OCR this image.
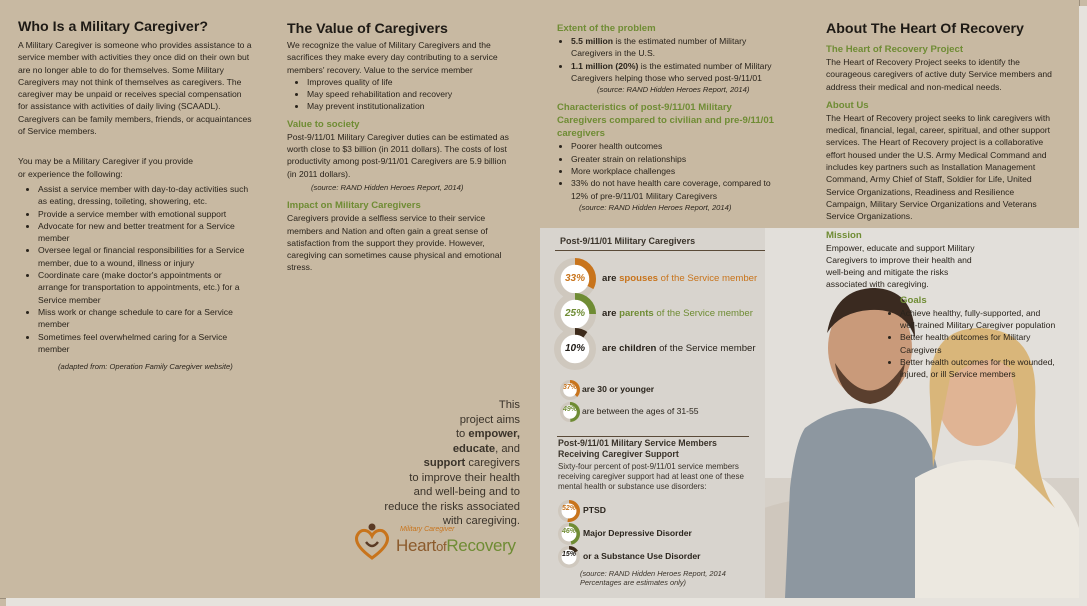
Who Is a Military Caregiver?

A Military Caregiver is someone who provides assistance to a service member with activities they once did on their own but are no longer able to do for themselves. Some Military Caregivers may not think of themselves as caregivers. The caregiver may be unpaid or receives special compensation for assistance with activities of daily living (SCAADL). Caregivers can be family members, friends, or acquaintances of Service members.

You may be a Military Caregiver if you provide

or experience the following:

• Assist a service member with day-to-day activities such as eating, dressing, toileting, showering, etc.
• Provide a service member with emotional support
• Advocate for new and better treatment for a Service member
• Oversee legal or financial responsibilities for a Service member, due to a wound, illness or injury
• Coordinate care (make doctor's appointments or arrange for transportation to appointments, etc.) for a Service member
• Miss work or change schedule to care for a Service member
• Sometimes feel overwhelmed caring for a Service member

(adapted from: Operation Family Caregiver website)

The Value of Caregivers

We recognize the value of Military Caregivers and the sacrifices they make every day contributing to a service members' recovery. Value to the service member

• Improves quality of life
• May speed rehabilitation and recovery
• May prevent institutionalization
Value to society

Post-9/11/01 Military Caregiver duties can be estimated as worth close to $3 billion (in 2011 dollars). The costs of lost productivity among post-9/11/01 Caregivers are 5.9 billion (in 2011 dollars).

(source: RAND Hidden Heroes Report, 2014)

Impact on Military Caregivers

Caregivers provide a selfless service to their service members and Nation and often gain a great sense of satisfaction from the support they provide. However, caregiving can sometimes cause physical and emotional stress.

Extent of the problem
• 5.5 million is the estimated number of Military Caregivers in the U.S.
• 1.1 million (20%) is the estimated number of Military Caregivers helping those who served post-9/11/01

(source: RAND Hidden Heroes Report, 2014)

Characteristics of post-9/11/01 Military Caregivers compared to civilian and pre-9/11/01 caregivers
• Poorer health outcomes
• Greater strain on relationships
• More workplace challenges
• 33% do not have health care coverage, compared to 12% of pre-9/11/01 Military Caregivers

(source: RAND Hidden Heroes Report, 2014)

Post-9/11/01 Military Caregivers
33%	are spouses of the Service member
25%	are parents of the Service member
10%	are children of the Service member
37% are 30 or younger
49% are between the ages of 31-55
Post-9/11/01 Military Service Members Receiving Caregiver Support
Sixty-four percent of post-9/11/01 service members receiving caregiver support had at least one of these mental health or substance use disorders:
52% PTSD
46% Major Depressive Disorder
15% or a Substance Use Disorder
(source: RAND Hidden Heroes Report, 2014
Percentages are estimates only)
This
project aims
to empower,
educate, and
support caregivers
to improve their health
and well-being and to
reduce the risks associated
with caregiving.
Military Caregiver
HeartofRecovery
About The Heart Of Recovery
The Heart of Recovery Project

The Heart of Recovery Project seeks to identify the courageous caregivers of active duty Service members and address their medical and non-medical needs.

About Us

The Heart of Recovery project seeks to link caregivers with medical, financial, legal, career, spiritual, and other support services. The Heart of Recovery project is a collaborative effort housed under the U.S. Army Medical Command and includes key partners such as Installation Management Command, Army Chief of Staff, Soldier for Life, United Service Organizations, Readiness and Resilience Campaign, Military Service Organizations and Veterans Service Organizations.

Mission

Empower, educate and support Military Caregivers to improve their health and well-being and mitigate the risks associated with caregiving.

Goals
• Achieve healthy, fully-supported, and well-trained Military Caregiver population
• Better health outcomes for Military Caregivers
• Better health outcomes for the wounded, injured, or ill Service members
